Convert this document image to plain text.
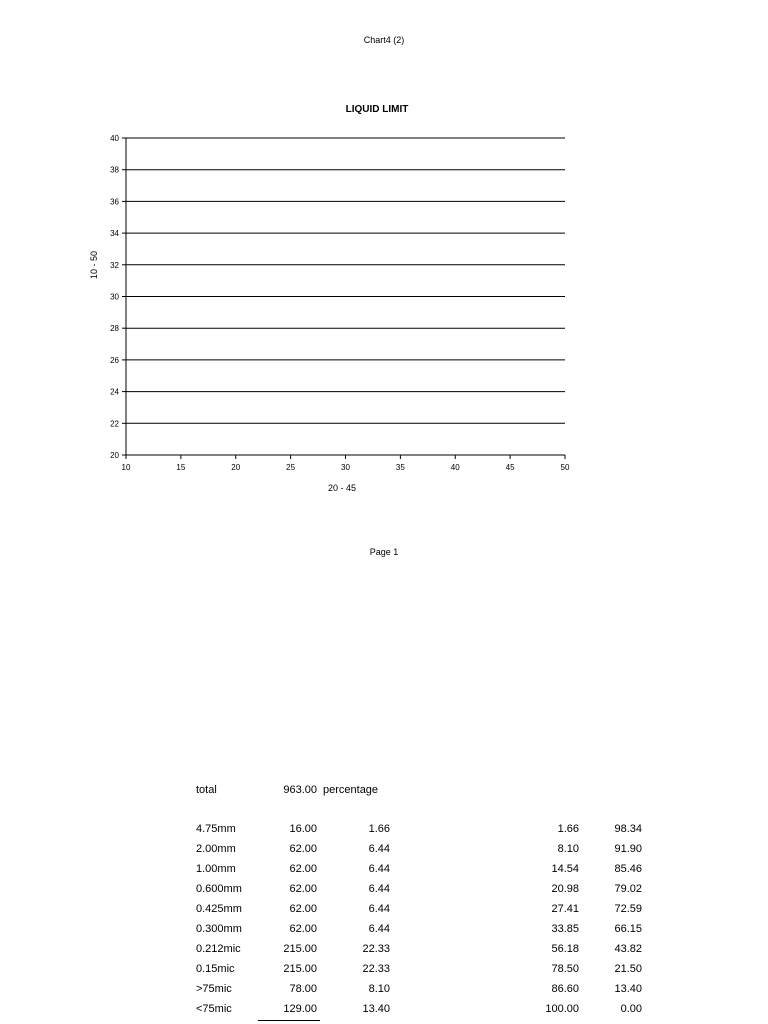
Chart4 (2)
LIQUID LIMIT
20
22
24
26
28
30
32
34
36
38
40
10	15	20	25	30	35	40	45	50
10 - 50
20 - 45
Page 1
total	963.00 percentage
4.75mm	16.00	1.66	1.66	98.34
2.00mm	62.00	6.44	8.10	91.90
1.00mm	62.00	6.44	14.54	85.46
0.600mm	62.00	6.44	20.98	79.02
0.425mm	62.00	6.44	27.41	72.59
0.300mm	62.00	6.44	33.85	66.15
0.212mic	215.00	22.33	56.18	43.82
0.15mic	215.00	22.33	78.50	21.50
>75mic	78.00	8.10	86.60	13.40
<75mic	129.00	13.40	100.00	0.00
